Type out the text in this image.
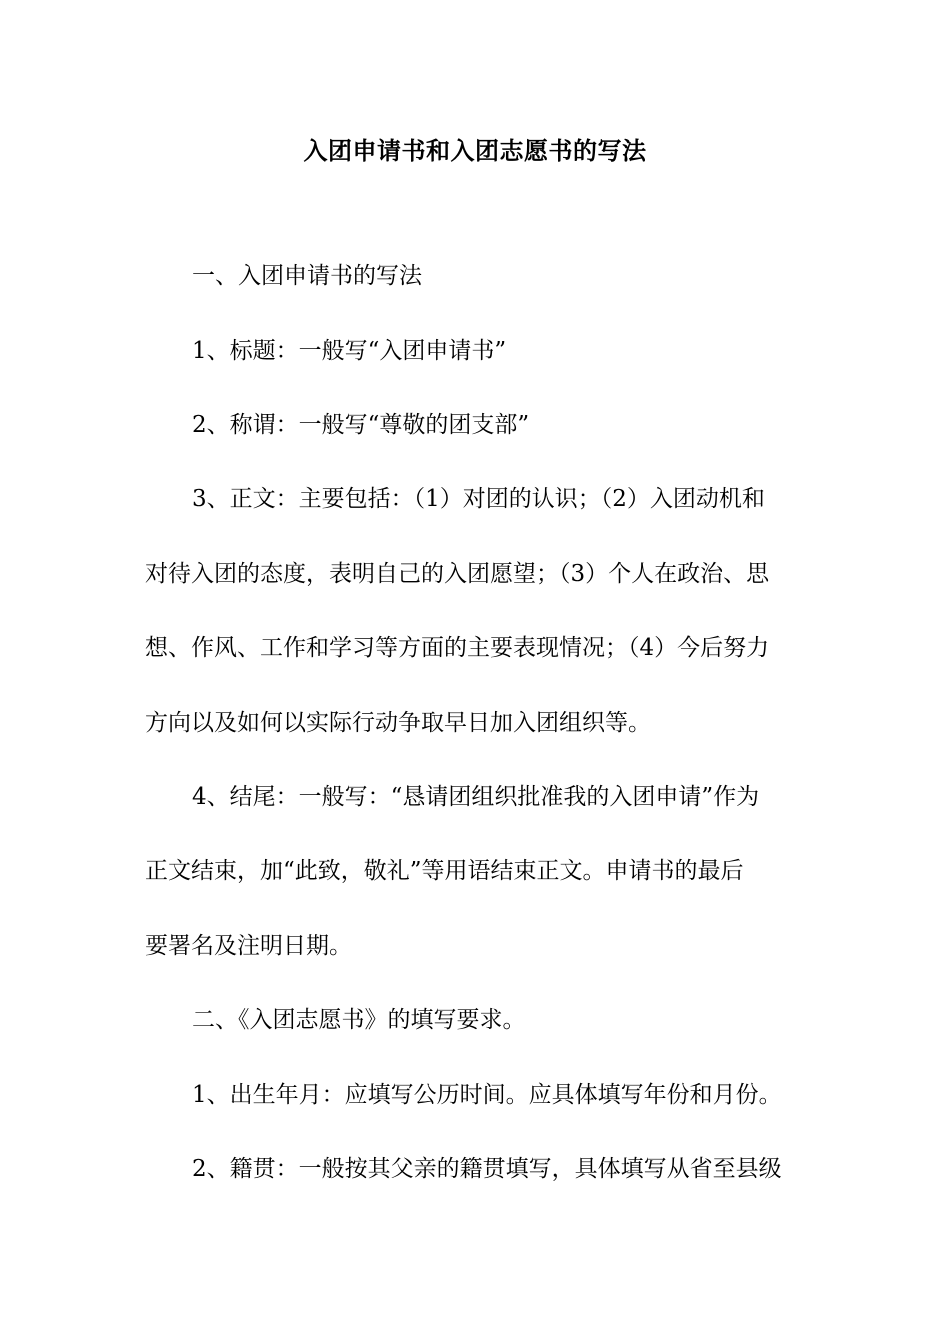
入团申请书和入团志愿书的写法
一、入团申请书的写法
1、标题：一般写“入团申请书”
2、称谓：一般写“尊敬的团支部”
3、正文：主要包括：（1）对团的认识；（2）入团动机和
对待入团的态度，表明自己的入团愿望；（3）个人在政治、思
想、作风、工作和学习等方面的主要表现情况；（4）今后努力
方向以及如何以实际行动争取早日加入团组织等。
4、结尾：一般写：“恳请团组织批准我的入团申请”作为
正文结束，加“此致，敬礼”等用语结束正文。申请书的最后
要署名及注明日期。
二、《入团志愿书》的填写要求。
1、出生年月：应填写公历时间。应具体填写年份和月份。
2、籍贯：一般按其父亲的籍贯填写，具体填写从省至县级
